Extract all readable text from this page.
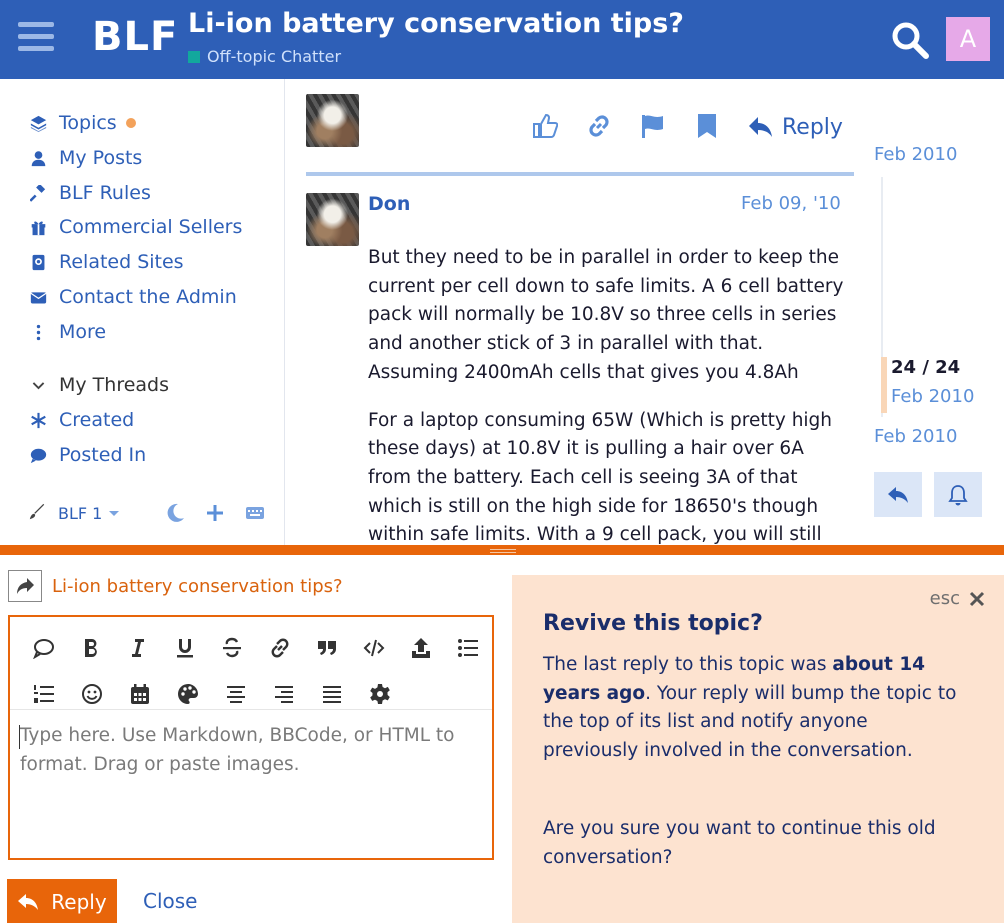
BLF Li-ion battery conservation tips?
Off-topic Chatter
A
Topics
My Posts
BLF Rules
Commercial Sellers
Related Sites
Contact the Admin
More
My Threads
Created
Posted In
BLF 1
Reply
Don	Feb 09, '10

But they need to be in parallel in order to keep the current per cell down to safe limits. A 6 cell battery pack will normally be 10.8V so three cells in series and another stick of 3 in parallel with that. Assuming 2400mAh cells that gives you 4.8Ah

For a laptop consuming 65W (Which is pretty high these days) at 10.8V it is pulling a hair over 6A from the battery. Each cell is seeing 3A of that which is still on the high side for 18650's though within safe limits. With a 9 cell pack, you will still

Feb 2010
24 / 24
Feb 2010
Feb 2010
Li-ion battery conservation tips?
Type here. Use Markdown, BBCode, or HTML to format. Drag or paste images.
Reply Close
esc
Revive this topic?
The last reply to this topic was about 14 years ago. Your reply will bump the topic to the top of its list and notify anyone previously involved in the conversation.
Are you sure you want to continue this old conversation?
